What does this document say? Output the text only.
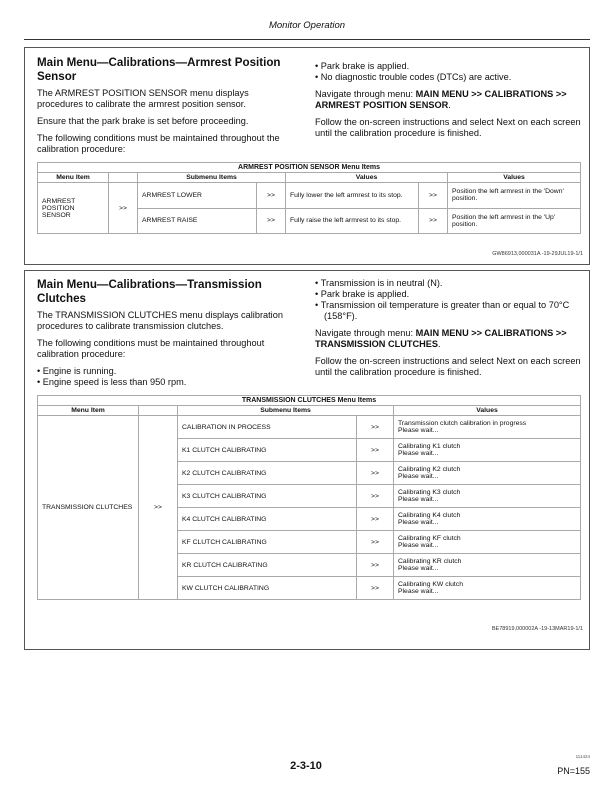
Monitor Operation
Main Menu—Calibrations—Armrest Position Sensor

The ARMREST POSITION SENSOR menu displays procedures to calibrate the armrest position sensor.

Ensure that the park brake is set before proceeding.

The following conditions must be maintained throughout the calibration procedure:

• Park brake is applied.
• No diagnostic trouble codes (DTCs) are active.

Navigate through menu: MAIN MENU >> CALIBRATIONS >> ARMREST POSITION SENSOR.

Follow the on-screen instructions and select Next on each screen until the calibration procedure is finished.

ARMREST POSITION SENSOR Menu Items						
Menu Item		Submenu Items		Values		Values
ARMREST POSITION SENSOR	>>	ARMREST LOWER	>>	Fully lower the left armrest to its stop.	>>	Position the left armrest in the 'Down' position.
		ARMREST RAISE	>>	Fully raise the left armrest to its stop.	>>	Position the left armrest in the 'Up' position.
GW86913,000031A -19-29JUL19-1/1
Main Menu—Calibrations—Transmission Clutches

The TRANSMISSION CLUTCHES menu displays calibration procedures to calibrate transmission clutches.

The following conditions must be maintained throughout calibration procedure:

• Engine is running.
• Engine speed is less than 950 rpm.
• Transmission is in neutral (N).
• Park brake is applied.
• Transmission oil temperature is greater than or equal to 70°C (158°F).

Navigate through menu: MAIN MENU >> CALIBRATIONS >> TRANSMISSION CLUTCHES.

Follow the on-screen instructions and select Next on each screen until the calibration procedure is finished.

TRANSMISSION CLUTCHES Menu Items				
Menu Item		Submenu Items		Values
TRANSMISSION CLUTCHES	>>	CALIBRATION IN PROCESS	>>	Transmission clutch calibration in progress
Please wait...

		K1 CLUTCH CALIBRATING	>>	Calibrating K1 clutch
Please wait...

		K2 CLUTCH CALIBRATING	>>	Calibrating K2 clutch
Please wait...

		K3 CLUTCH CALIBRATING	>>	Calibrating K3 clutch
Please wait...

		K4 CLUTCH CALIBRATING	>>	Calibrating K4 clutch
Please wait...

		KF CLUTCH CALIBRATING	>>	Calibrating KF clutch
Please wait...

		KR CLUTCH CALIBRATING	>>	Calibrating KR clutch
Please wait...

		KW CLUTCH CALIBRATING	>>	Calibrating KW clutch
Please wait...
BE78919,000002A -19-13MAR19-1/1
2-3-10
111424
PN=155
